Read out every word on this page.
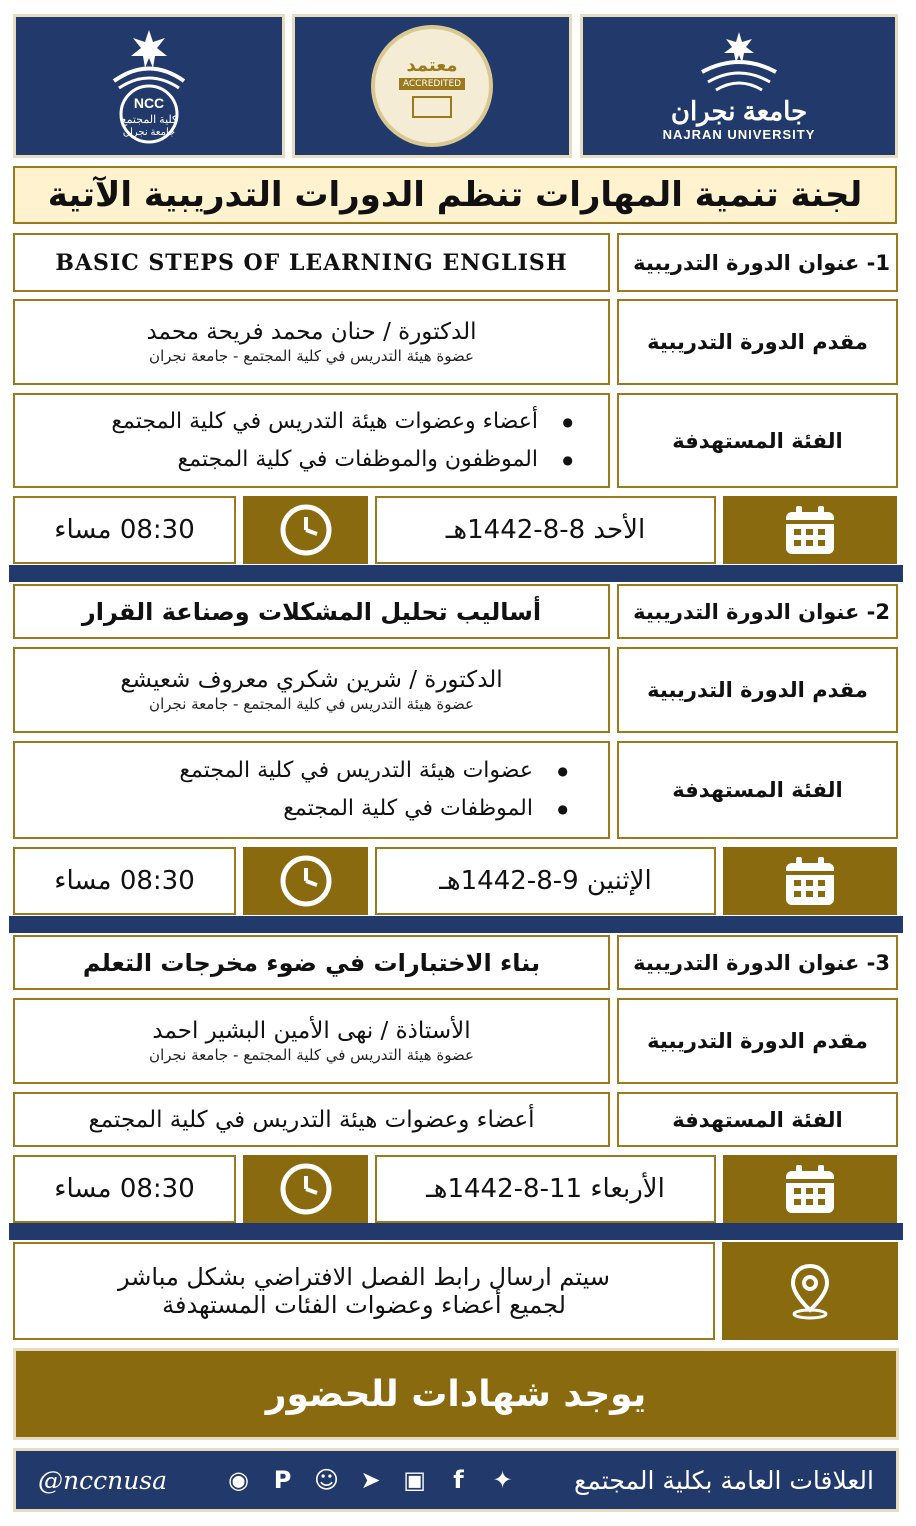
NCC
كلية المجتمع
جامعة نجران
معتمد
ACCREDITED
جامعة نجران
NAJRAN UNIVERSITY
لجنة تنمية المهارات تنظم الدورات التدريبية الآتية
1- عنوان الدورة التدريبية
BASIC STEPS OF LEARNING ENGLISH
مقدم الدورة التدريبية
الدكتورة / حنان محمد فريحة محمد
عضوة هيئة التدريس في كلية المجتمع - جامعة نجران
الفئة المستهدفة
● أعضاء وعضوات هيئة التدريس في كلية المجتمع
● الموظفون والموظفات في كلية المجتمع
الأحد 8-8-1442هـ
08:30 مساء
2- عنوان الدورة التدريبية
أساليب تحليل المشكلات وصناعة القرار
مقدم الدورة التدريبية
الدكتورة / شرين شكري معروف شعيشع
عضوة هيئة التدريس في كلية المجتمع - جامعة نجران
الفئة المستهدفة
● عضوات هيئة التدريس في كلية المجتمع
● الموظفات في كلية المجتمع
الإثنين 9-8-1442هـ
08:30 مساء
3- عنوان الدورة التدريبية
بناء الاختبارات في ضوء مخرجات التعلم
مقدم الدورة التدريبية
الأستاذة / نهى الأمين البشير احمد
عضوة هيئة التدريس في كلية المجتمع - جامعة نجران
الفئة المستهدفة
أعضاء وعضوات هيئة التدريس في كلية المجتمع
الأربعاء 11-8-1442هـ
08:30 مساء
سيتم ارسال رابط الفصل الافتراضي بشكل مباشر
لجميع أعضاء وعضوات الفئات المستهدفة
يوجد شهادات للحضور
@nccnusa	◉ P ☺ ➤ ▣	f	✦ العلاقات العامة بكلية المجتمع
